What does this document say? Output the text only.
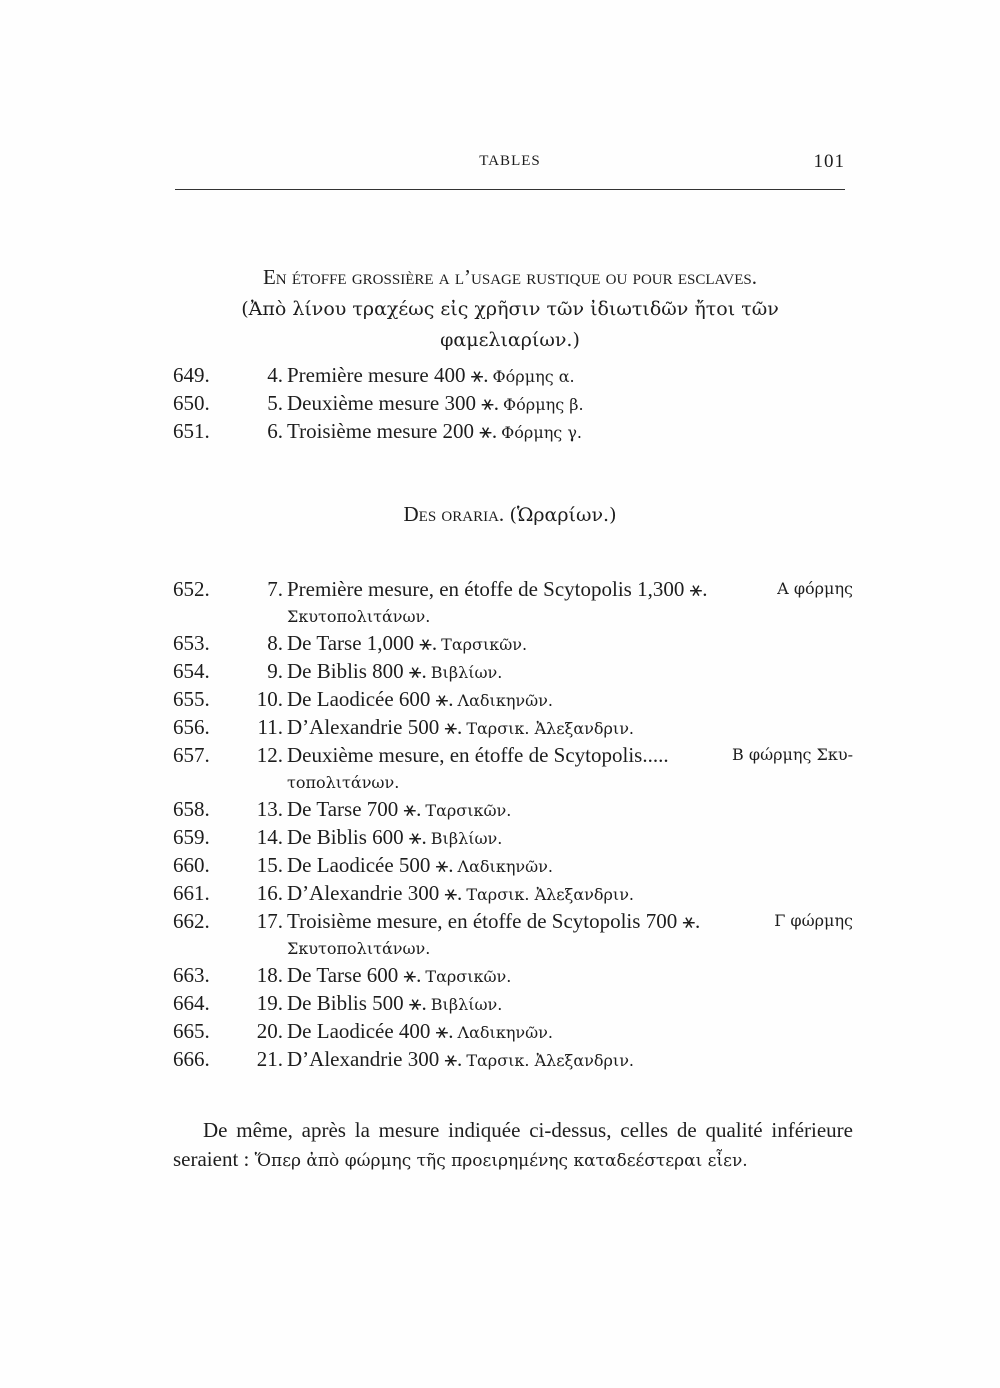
TABLES	101
En étoffe grossière a l’usage rustique ou pour esclaves.
(Ἀπὸ λίνου τραχέως εἰς χρῆσιν τῶν ἰδιωτιδῶν ἤτοι τῶν φαμελιαρίων.)
649.	4. Première mesure 400 ⚹. Φόρμης α.
650.	5. Deuxième mesure 300 ⚹. Φόρμης β.
651.	6. Troisième mesure 200 ⚹. Φόρμης γ.
Des oraria. (Ὡραρίων.)
652.	7. Première mesure, en étoffe de Scytopolis 1,300 ⚹.	Α φόρμης
Σκυτοπολιτάνων.
653.	8. De Tarse 1,000 ⚹. Ταρσικῶν.
654.	9. De Biblis 800 ⚹. Βιβλίων.
655.	10. De Laodicée 600 ⚹. Λαδικηνῶν.
656.	11. D’Alexandrie 500 ⚹. Ταρσικ. Ἀλεξανδριν.
657.	12. Deuxième mesure, en étoffe de Scytopolis.....	Β φώρμης Σκυ-
τοπολιτάνων.
658.	13. De Tarse 700 ⚹. Ταρσικῶν.
659.	14. De Biblis 600 ⚹. Βιβλίων.
660.	15. De Laodicée 500 ⚹. Λαδικηνῶν.
661.	16. D’Alexandrie 300 ⚹. Ταρσικ. Ἀλεξανδριν.
662.	17. Troisième mesure, en étoffe de Scytopolis 700 ⚹.	Γ φώρμης
Σκυτοπολιτάνων.
663.	18. De Tarse 600 ⚹. Ταρσικῶν.
664.	19. De Biblis 500 ⚹. Βιβλίων.
665.	20. De Laodicée 400 ⚹. Λαδικηνῶν.
666.	21. D’Alexandrie 300 ⚹. Ταρσικ. Ἀλεξανδριν.
De même, après la mesure indiquée ci-dessus, celles de qualité inférieure seraient : Ὅπερ ἀπὸ φώρμης τῆς προειρημένης καταδεέστεραι εἶεν.
